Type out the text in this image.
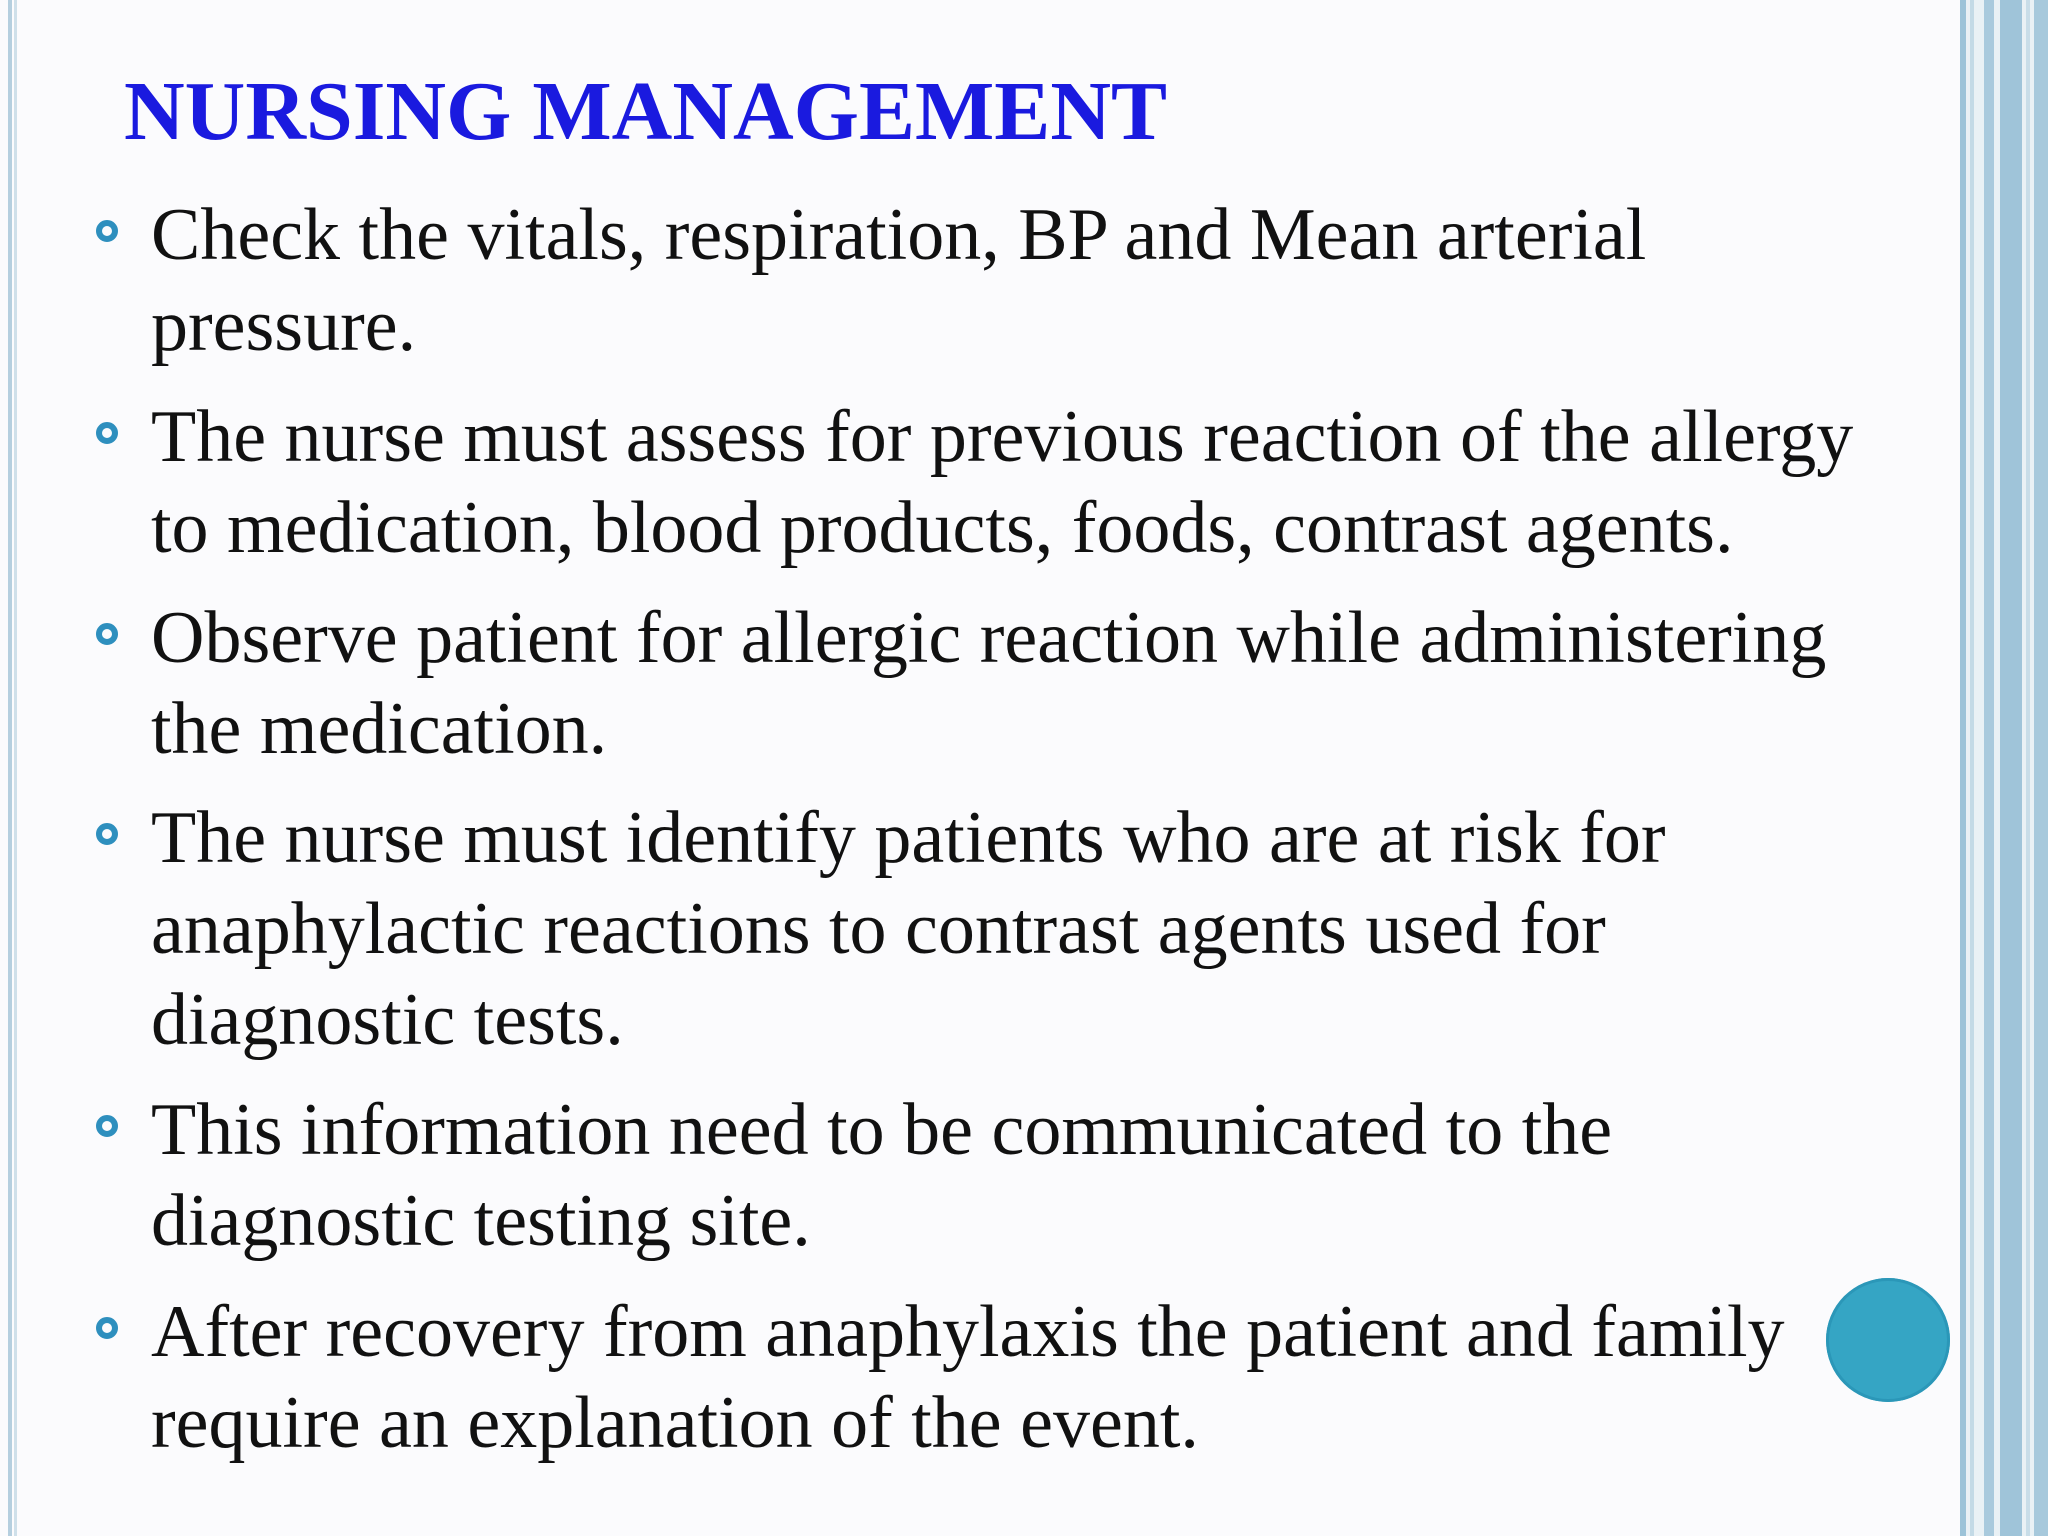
NURSING MANAGEMENT
Check the vitals, respiration, BP and Mean arterial
pressure.
The nurse must assess for previous reaction of the allergy
to medication, blood products, foods, contrast agents.
Observe patient for allergic reaction while administering
the medication.
The nurse must identify patients who are at risk for
anaphylactic reactions to contrast agents used for
diagnostic tests.
This information need to be communicated to the
diagnostic testing site.
After recovery from anaphylaxis the patient and family
require an explanation of the event.
